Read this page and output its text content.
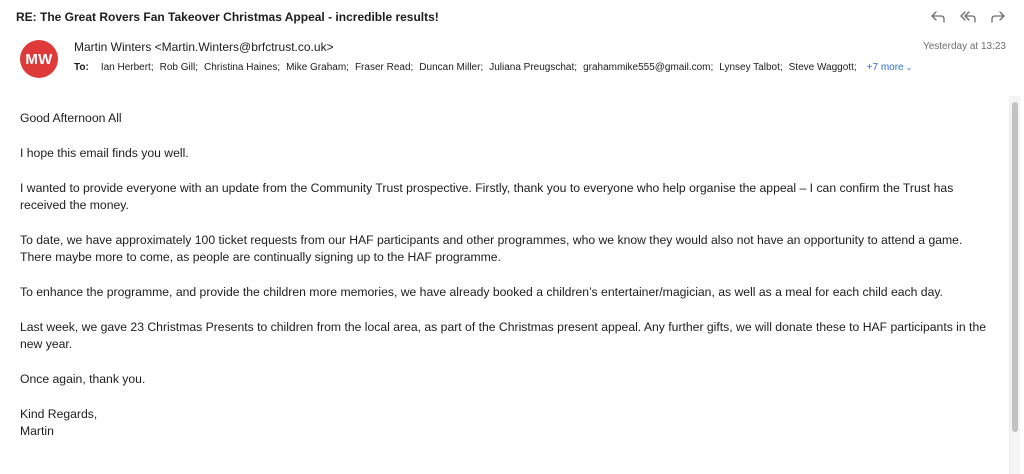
RE: The Great Rovers Fan Takeover Christmas Appeal - incredible results!
MW
Martin Winters <Martin.Winters@brfctrust.co.uk>	Yesterday at 13:23
To: Ian Herbert; Rob Gill; Christina Haines; Mike Graham; Fraser Read; Duncan Miller; Juliana Preugschat; grahammike555@gmail.com; Lynsey Talbot; Steve Waggott; +7 more ⌄

Good Afternoon All

I hope this email finds you well.

I wanted to provide everyone with an update from the Community Trust prospective. Firstly, thank you to everyone who help organise the appeal – I can confirm the Trust has received the money.

To date, we have approximately 100 ticket requests from our HAF participants and other programmes, who we know they would also not have an opportunity to attend a game. There maybe more to come, as people are continually signing up to the HAF programme.

To enhance the programme, and provide the children more memories, we have already booked a children’s entertainer/magician, as well as a meal for each child each day.

Last week, we gave 23 Christmas Presents to children from the local area, as part of the Christmas present appeal. Any further gifts, we will donate these to HAF participants in the new year.

Once again, thank you.

Kind Regards,

Martin
